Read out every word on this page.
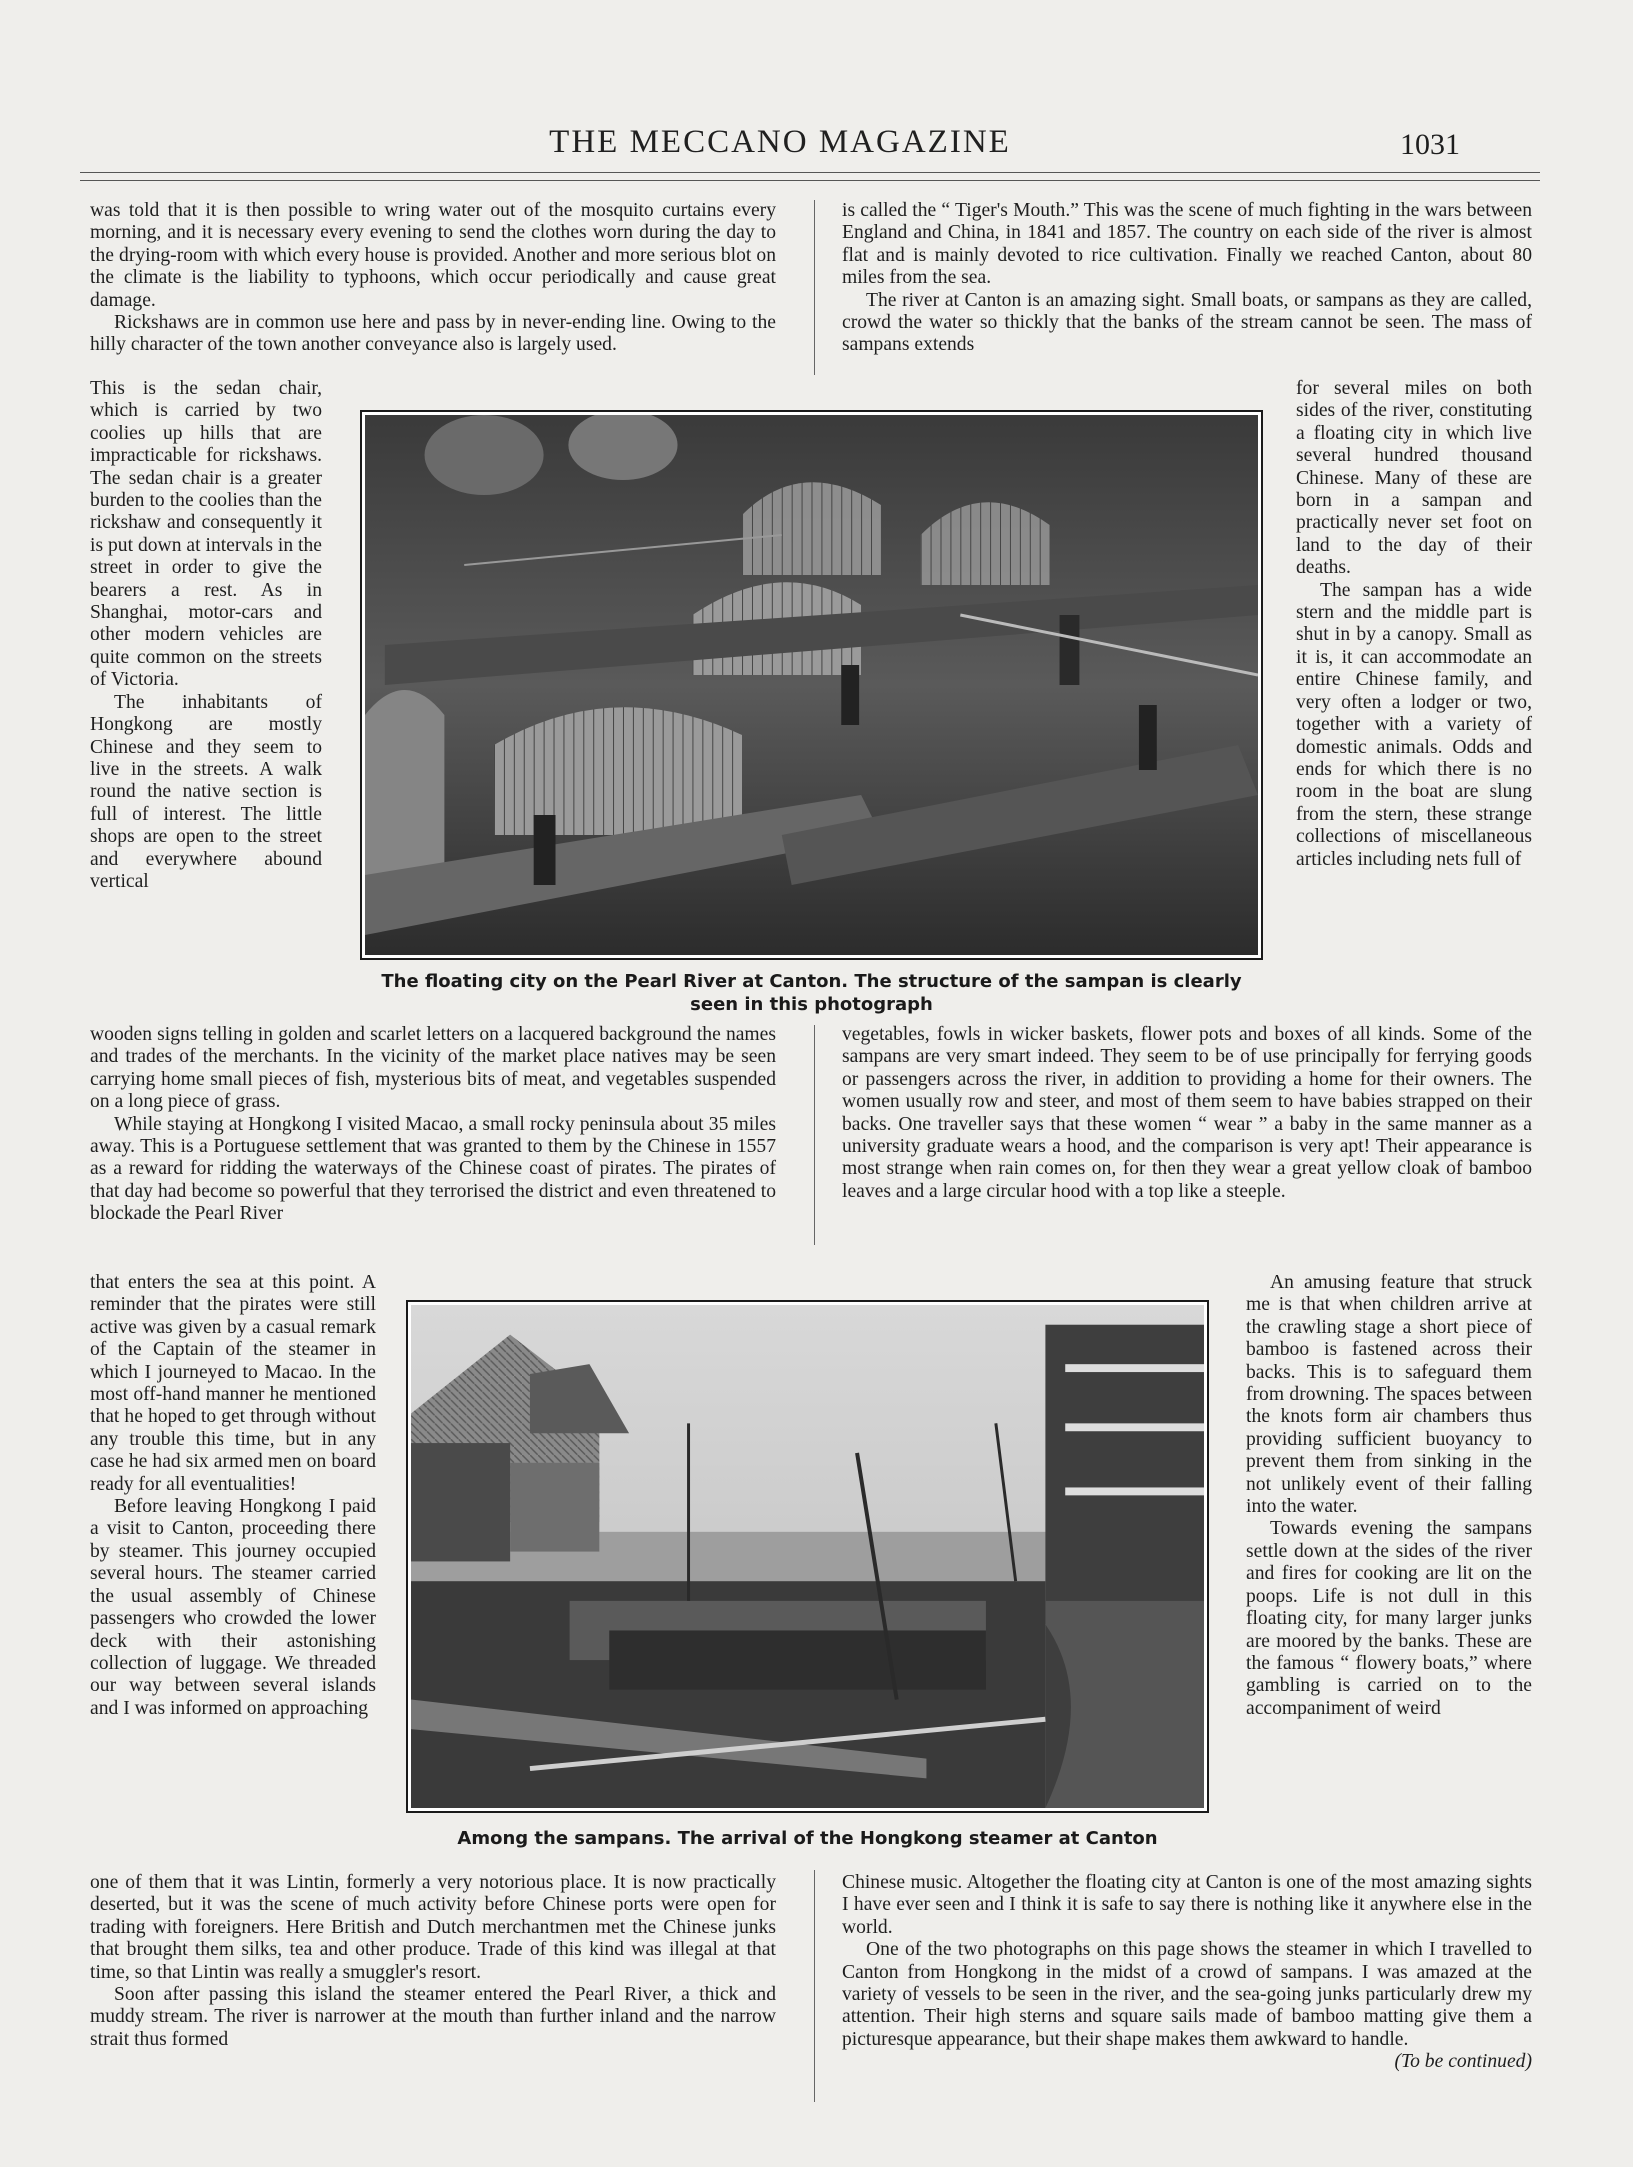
THE MECCANO MAGAZINE	1031

was told that it is then possible to wring water out of the mosquito curtains every morning, and it is necessary every evening to send the clothes worn during the day to the drying-room with which every house is provided. Another and more serious blot on the climate is the liability to typhoons, which occur periodically and cause great damage.

Rickshaws are in common use here and pass by in never-ending line. Owing to the hilly character of the town another conveyance also is largely used.

This is the sedan chair, which is carried by two coolies up hills that are impracticable for rickshaws. The sedan chair is a greater burden to the coolies than the rickshaw and consequently it is put down at intervals in the street in order to give the bearers a rest. As in Shanghai, motor-cars and other modern vehicles are quite common on the streets of Victoria.

The inhabitants of Hongkong are mostly Chinese and they seem to live in the streets. A walk round the native section is full of interest. The little shops are open to the street and everywhere abound vertical

wooden signs telling in golden and scarlet letters on a lacquered background the names and trades of the merchants. In the vicinity of the market place natives may be seen carrying home small pieces of fish, mysterious bits of meat, and vegetables suspended on a long piece of grass.

While staying at Hongkong I visited Macao, a small rocky peninsula about 35 miles away. This is a Portuguese settlement that was granted to them by the Chinese in 1557 as a reward for ridding the waterways of the Chinese coast of pirates. The pirates of that day had become so powerful that they terrorised the district and even threatened to blockade the Pearl River

that enters the sea at this point. A reminder that the pirates were still active was given by a casual remark of the Captain of the steamer in which I journeyed to Macao. In the most off-hand manner he mentioned that he hoped to get through without any trouble this time, but in any case he had six armed men on board ready for all eventualities!

Before leaving Hongkong I paid a visit to Canton, proceeding there by steamer. This journey occupied several hours. The steamer carried the usual assembly of Chinese passengers who crowded the lower deck with their astonishing collection of luggage. We threaded our way between several islands and I was informed on approaching

one of them that it was Lintin, formerly a very notorious place. It is now practically deserted, but it was the scene of much activity before Chinese ports were open for trading with foreigners. Here British and Dutch merchantmen met the Chinese junks that brought them silks, tea and other produce. Trade of this kind was illegal at that time, so that Lintin was really a smuggler's resort.

Soon after passing this island the steamer entered the Pearl River, a thick and muddy stream. The river is narrower at the mouth than further inland and the narrow strait thus formed

is called the “ Tiger's Mouth.” This was the scene of much fighting in the wars between England and China, in 1841 and 1857. The country on each side of the river is almost flat and is mainly devoted to rice cultivation. Finally we reached Canton, about 80 miles from the sea.

The river at Canton is an amazing sight. Small boats, or sampans as they are called, crowd the water so thickly that the banks of the stream cannot be seen. The mass of sampans extends

for several miles on both sides of the river, constituting a floating city in which live several hundred thousand Chinese. Many of these are born in a sampan and practically never set foot on land to the day of their deaths.

The sampan has a wide stern and the middle part is shut in by a canopy. Small as it is, it can accommodate an entire Chinese family, and very often a lodger or two, together with a variety of domestic animals. Odds and ends for which there is no room in the boat are slung from the stern, these strange collections of miscellaneous articles including nets full of

vegetables, fowls in wicker baskets, flower pots and boxes of all kinds. Some of the sampans are very smart indeed. They seem to be of use principally for ferrying goods or passengers across the river, in addition to providing a home for their owners. The women usually row and steer, and most of them seem to have babies strapped on their backs. One traveller says that these women “ wear ” a baby in the same manner as a university graduate wears a hood, and the comparison is very apt! Their appearance is most strange when rain comes on, for then they wear a great yellow cloak of bamboo leaves and a large circular hood with a top like a steeple.

An amusing feature that struck me is that when children arrive at the crawling stage a short piece of bamboo is fastened across their backs. This is to safeguard them from drowning. The spaces between the knots form air chambers thus providing sufficient buoyancy to prevent them from sinking in the not unlikely event of their falling into the water.

Towards evening the sampans settle down at the sides of the river and fires for cooking are lit on the poops. Life is not dull in this floating city, for many larger junks are moored by the banks. These are the famous “ flowery boats,” where gambling is carried on to the accompaniment of weird

Chinese music. Altogether the floating city at Canton is one of the most amazing sights I have ever seen and I think it is safe to say there is nothing like it anywhere else in the world.

One of the two photographs on this page shows the steamer in which I travelled to Canton from Hongkong in the midst of a crowd of sampans. I was amazed at the variety of vessels to be seen in the river, and the sea-going junks particularly drew my attention. Their high sterns and square sails made of bamboo matting give them a picturesque appearance, but their shape makes them awkward to handle.
(To be continued)

The floating city on the Pearl River at Canton. The structure of the sampan is clearly seen in this photograph
Among the sampans. The arrival of the Hongkong steamer at Canton
